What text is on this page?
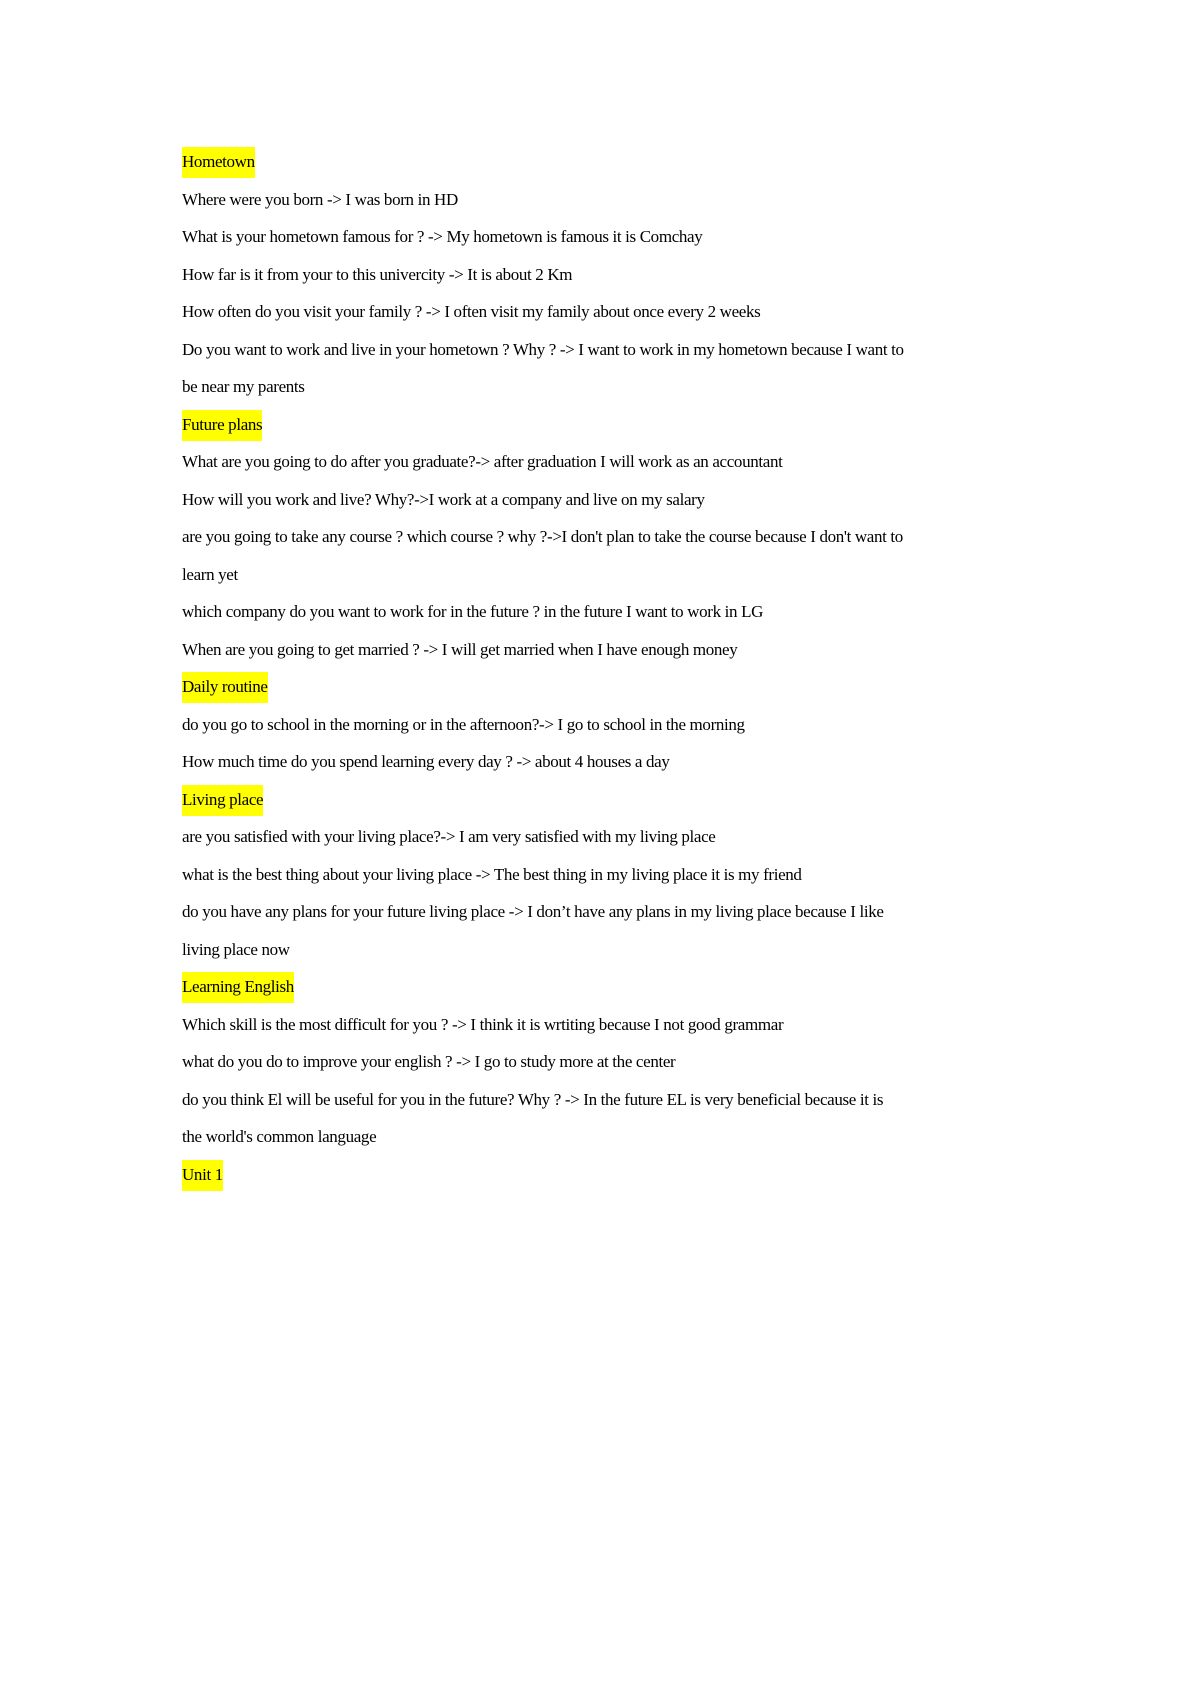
Hometown
Where were you born -> I was born in HD
What is your hometown famous for ? -> My hometown is famous it is Comchay
How far is it from your to this univercity -> It is about 2 Km
How often do you visit your family ? -> I often visit my family about once every 2 weeks
Do you want to work and live in your hometown ? Why ? -> I want to work in my hometown because I want to
be near my parents
Future plans
What are you going to do after you graduate?-> after graduation I will work as an accountant
How will you work and live? Why?->I work at a company and live on my salary
are you going to take any course ? which course ? why ?->I don't plan to take the course because I don't want to
learn yet
which company do you want to work for in the future ? in the future I want to work in LG
When are you going to get married ? -> I will get married when I have enough money
Daily routine
do you go to school in the morning or in the afternoon?-> I go to school in the morning
How much time do you spend learning every day ? -> about 4 houses a day
Living place
are you satisfied with your living place?-> I am very satisfied with my living place
what is the best thing about your living place -> The best thing in my living place it is my friend
do you have any plans for your future living place -> I don’t have any plans in my living place because I like
living place now
Learning English
Which skill is the most difficult for you ? -> I think it is wrtiting because I not good grammar
what do you do to improve your english ? -> I go to study more at the center
do you think El will be useful for you in the future? Why ? -> In the future EL is very beneficial because it is
the world's common language
Unit 1
